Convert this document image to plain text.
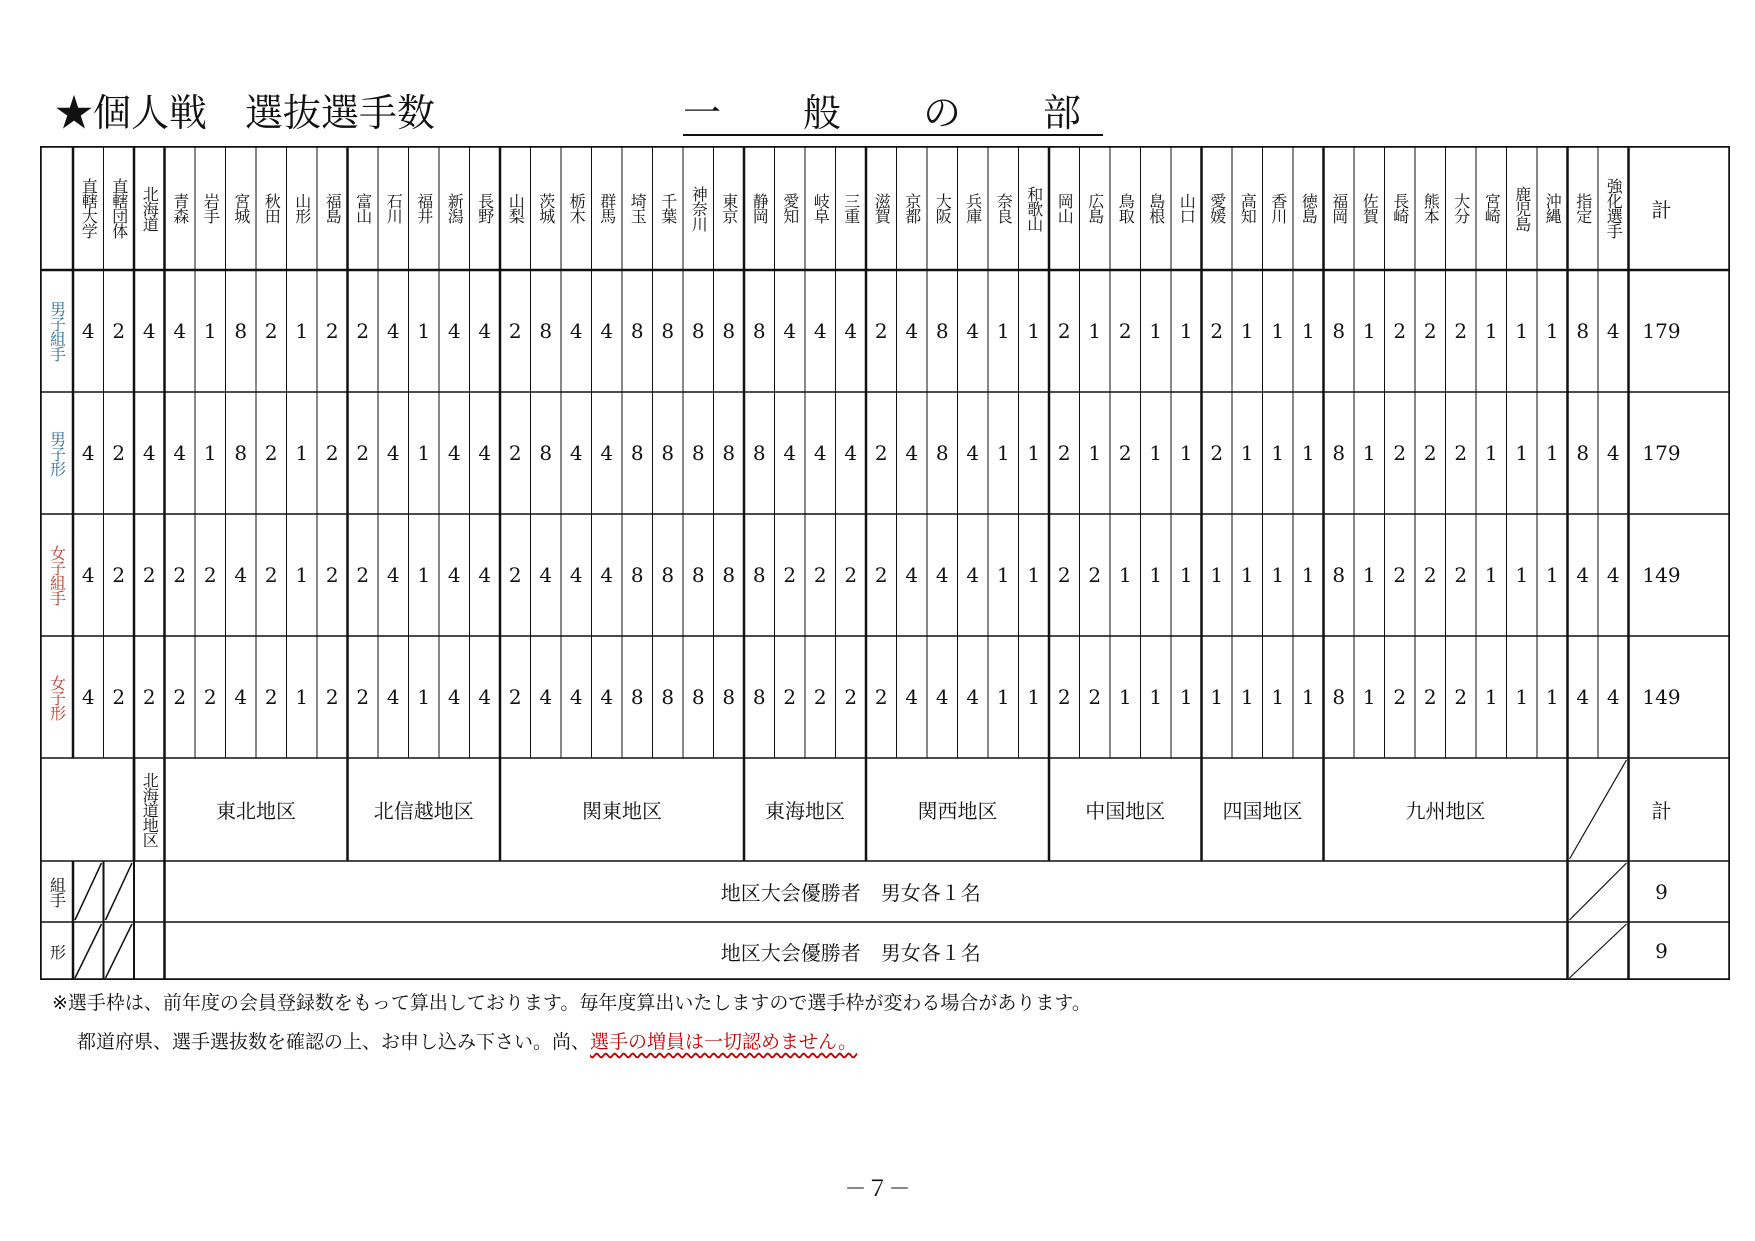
★個人戦　選抜選手数	一　般　の　部
直轄大学 直轄団体 北海道 青森 岩手 宮城 秋田 山形 福島 富山 石川 福井 新潟 長野 山梨 茨城 栃木 群馬 埼玉 千葉 神奈川 東京 静岡 愛知 岐阜 三重 滋賀 京都 大阪 兵庫 奈良 和歌山 岡山 広島 鳥取 島根 山口 愛媛 高知 香川 徳島 福岡 佐賀 長崎 熊本 大分 宮崎 鹿児島 沖縄 指定 強化選手	計
男子組手 4 2 4 4 1 8 2 1 2 2 4 1 4 4 2 8 4 4 8 8 8 8 8 4 4 4 2 4 8 4 1 1 2 1 2 1 1 2 1 1 1 8 1 2 2 2 1 1 1 8 4	179
男子形 4 2 4 4 1 8 2 1 2 2 4 1 4 4 2 8 4 4 8 8 8 8 8 4 4 4 2 4 8 4 1 1 2 1 2 1 1 2 1 1 1 8 1 2 2 2 1 1 1 8 4	179
女子組手 4 2 2 2 2 4 2 1 2 2 4 1 4 4 2 4 4 4 8 8 8 8 8 2 2 2 2 4 4 4 1 1 2 2 1 1 1 1 1 1 1 8 1 2 2 2 1 1 1 4 4	149
女子形 4 2 2 2 2 4 2 1 2 2 4 1 4 4 2 4 4 4 8 8 8 8 8 2 2 2 2 4 4 4 1 1 2 2 1 1 1 1 1 1 1 8 1 2 2 2 1 1 1 4 4	149
北海道地区	東北地区	北信越地区	関東地区	東海地区	関西地区	中国地区	四国地区	九州地区	計
組手	地区大会優勝者　男女各１名	9
形	地区大会優勝者　男女各１名	9
※選手枠は、前年度の会員登録数をもって算出しております。毎年度算出いたしますので選手枠が変わる場合があります。
都道府県、選手選抜数を確認の上、お申し込み下さい。尚、選手の増員は一切認めません。
－７－
